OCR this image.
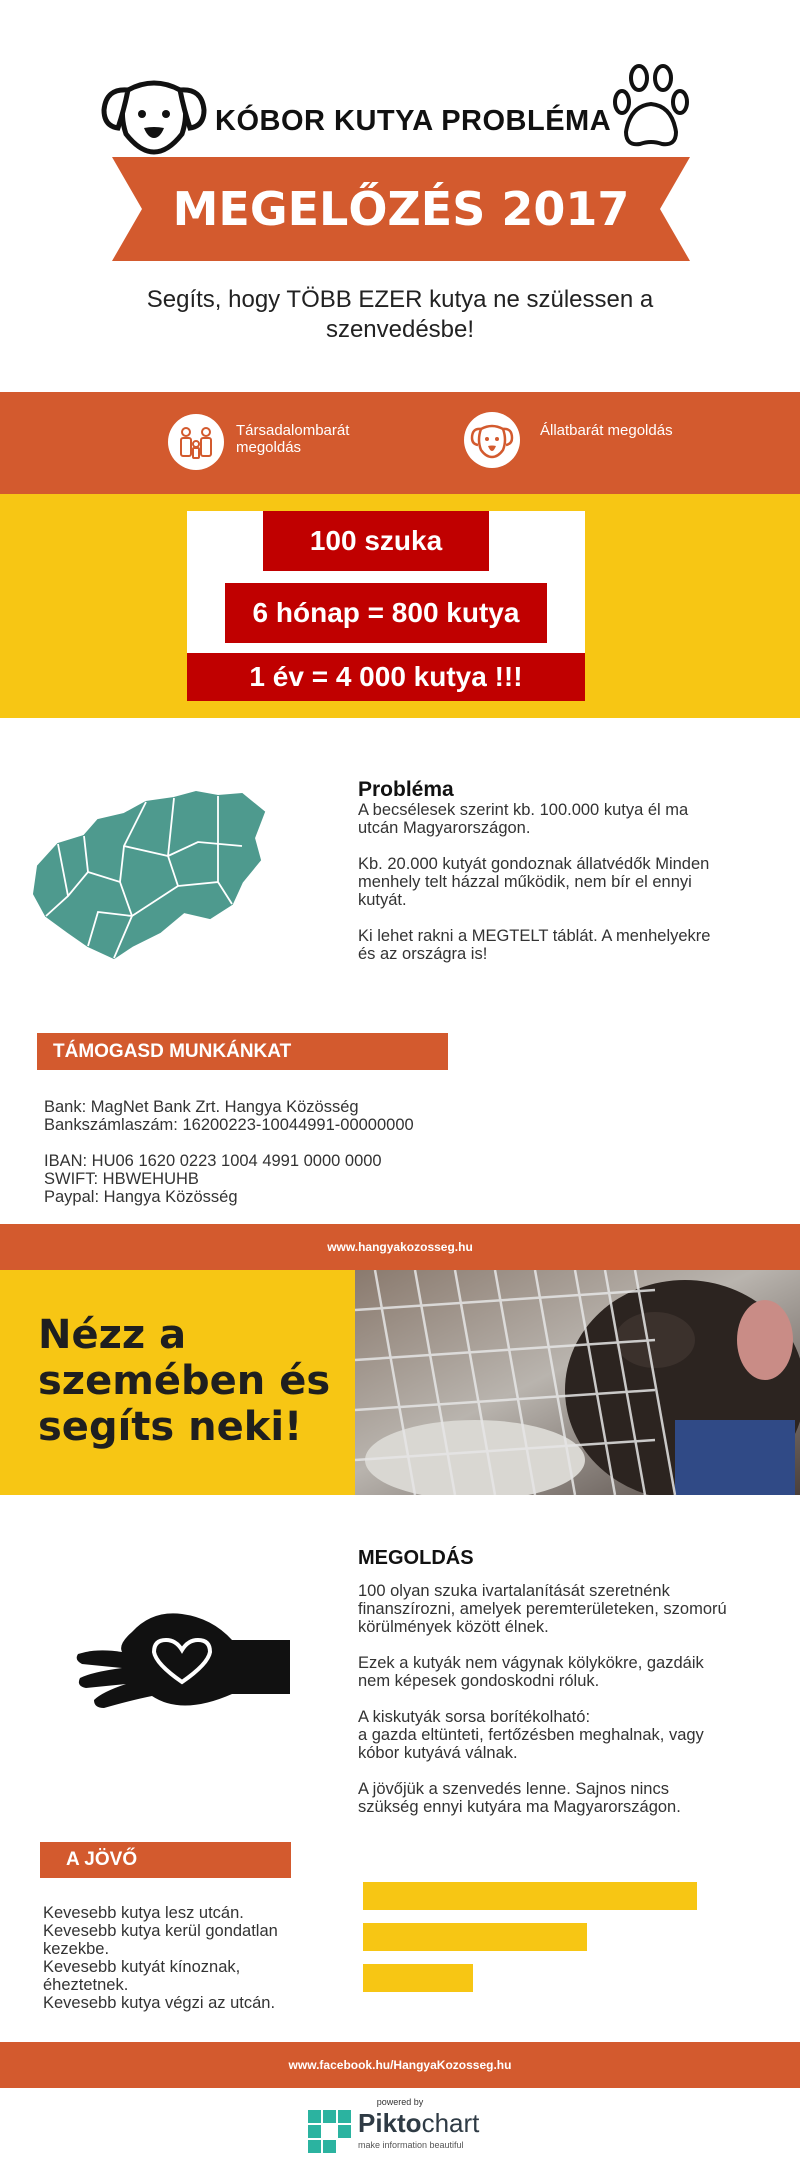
KÓBOR KUTYA PROBLÉMA
MEGELŐZÉS 2017
Segíts, hogy TÖBB EZER kutya ne szülessen a szenvedésbe!
Társadalombarát megoldás
Állatbarát megoldás
100 szuka
6 hónap = 800 kutya
1 év = 4 000 kutya !!!
Probléma
A becsélesek szerint kb. 100.000 kutya él ma utcán Magyarországon.

Kb. 20.000 kutyát gondoznak állatvédők Minden menhely telt házzal működik, nem bír el ennyi kutyát.

Ki lehet rakni a MEGTELT táblát. A menhelyekre és az országra is!
TÁMOGASD MUNKÁNKAT
Bank: MagNet Bank Zrt. Hangya Közösség
Bankszámlaszám: 16200223-10044991-00000000
IBAN: HU06 1620 0223 1004 4991 0000 0000
SWIFT: HBWEHUHB
Paypal: Hangya Közösség
www.hangyakozosseg.hu
Nézz a
szemében és
segíts neki!
MEGOLDÁS
100 olyan szuka ivartalanítását szeretnénk finanszírozni, amelyek peremterületeken, szomorú körülmények között élnek.

Ezek a kutyák nem vágynak kölykökre, gazdáik nem képesek gondoskodni róluk.

A kiskutyák sorsa borítékolható:
a gazda eltünteti, fertőzésben meghalnak, vagy kóbor kutyává válnak.

A jövőjük a szenvedés lenne. Sajnos nincs szükség ennyi kutyára ma Magyarországon.
A JÖVŐ
Kevesebb kutya lesz utcán.
Kevesebb kutya kerül gondatlan kezekbe.
Kevesebb kutyát kínoznak, éheztetnek.
Kevesebb kutya végzi az utcán.
www.facebook.hu/HangyaKozosseg.hu
powered by
Piktochart
make information beautiful
